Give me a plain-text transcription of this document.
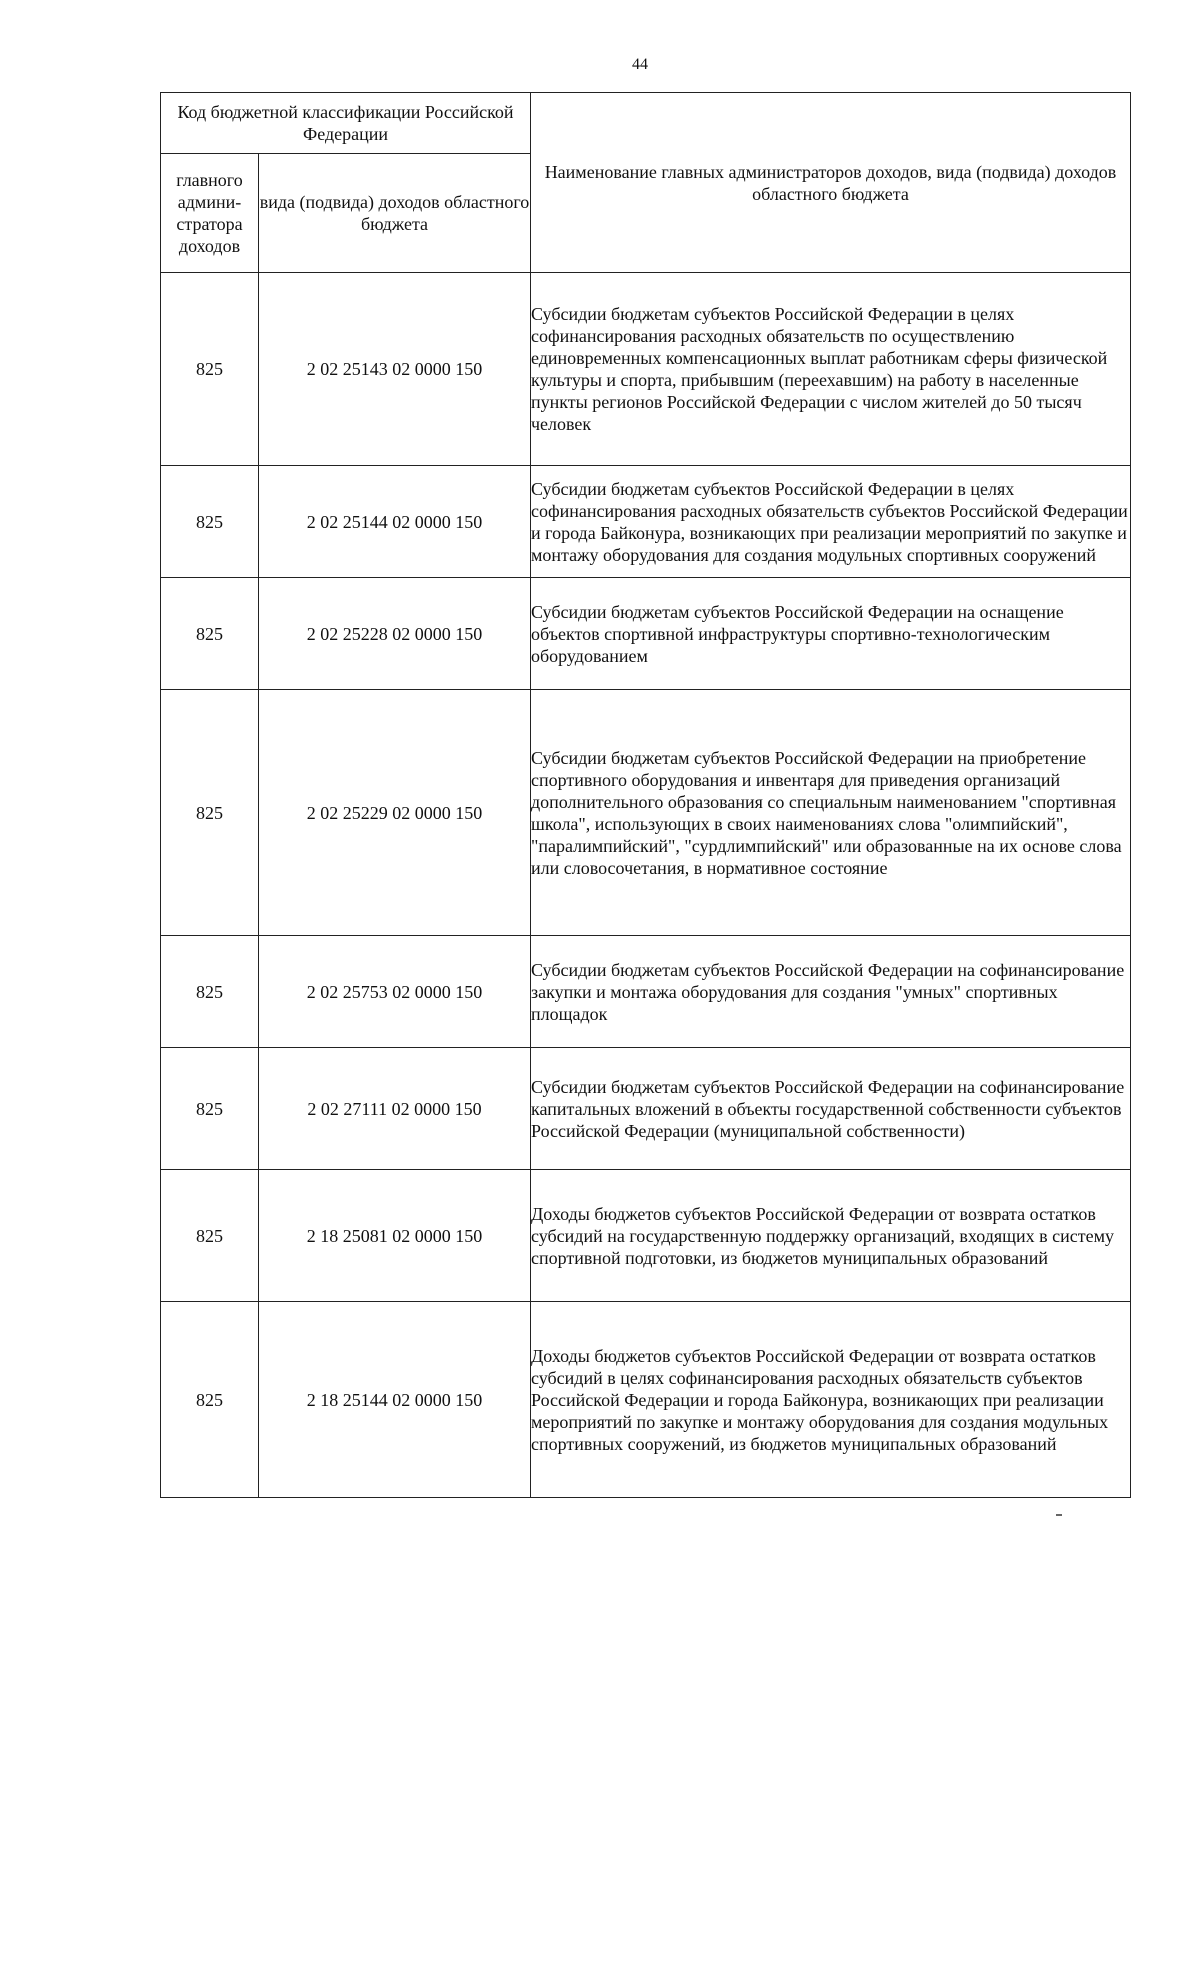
44
Код бюджетной классификации Российской Федерации		Наименование главных администраторов доходов, вида (подвида) доходов областного бюджета
главного админи-стратора доходов	вида (подвида) доходов областного бюджета	
825	2 02 25143 02 0000 150	Субсидии бюджетам субъектов Российской Федерации в целях софинансирования расходных обязательств по осуществлению единовременных компенсационных выплат работникам сферы физической культуры и спорта, прибывшим (переехавшим) на работу в населенные пункты регионов Российской Федерации с числом жителей до 50 тысяч человек
825	2 02 25144 02 0000 150	Субсидии бюджетам субъектов Российской Федерации в целях софинансирования расходных обязательств субъектов Российской Федерации и города Байконура, возникающих при реализации мероприятий по закупке и монтажу оборудования для создания модульных спортивных сооружений
825	2 02 25228 02 0000 150	Субсидии бюджетам субъектов Российской Федерации на оснащение объектов спортивной инфраструктуры спортивно-технологическим оборудованием
825	2 02 25229 02 0000 150	Субсидии бюджетам субъектов Российской Федерации на приобретение спортивного оборудования и инвентаря для приведения организаций дополнительного образования со специальным наименованием "спортивная школа", использующих в своих наименованиях слова "олимпийский", "паралимпийский", "сурдлимпийский" или образованные на их основе слова или словосочетания, в нормативное состояние
825	2 02 25753 02 0000 150	Субсидии бюджетам субъектов Российской Федерации на софинансирование закупки и монтажа оборудования для создания "умных" спортивных площадок
825	2 02 27111 02 0000 150	Субсидии бюджетам субъектов Российской Федерации на софинансирование капитальных вложений в объекты государственной собственности субъектов Российской Федерации (муниципальной собственности)
825	2 18 25081 02 0000 150	Доходы бюджетов субъектов Российской Федерации от возврата остатков субсидий на государственную поддержку организаций, входящих в систему спортивной подготовки, из бюджетов муниципальных образований
825	2 18 25144 02 0000 150	Доходы бюджетов субъектов Российской Федерации от возврата остатков субсидий в целях софинансирования расходных обязательств субъектов Российской Федерации и города Байконура, возникающих при реализации мероприятий по закупке и монтажу оборудования для создания модульных спортивных сооружений, из бюджетов муниципальных образований
